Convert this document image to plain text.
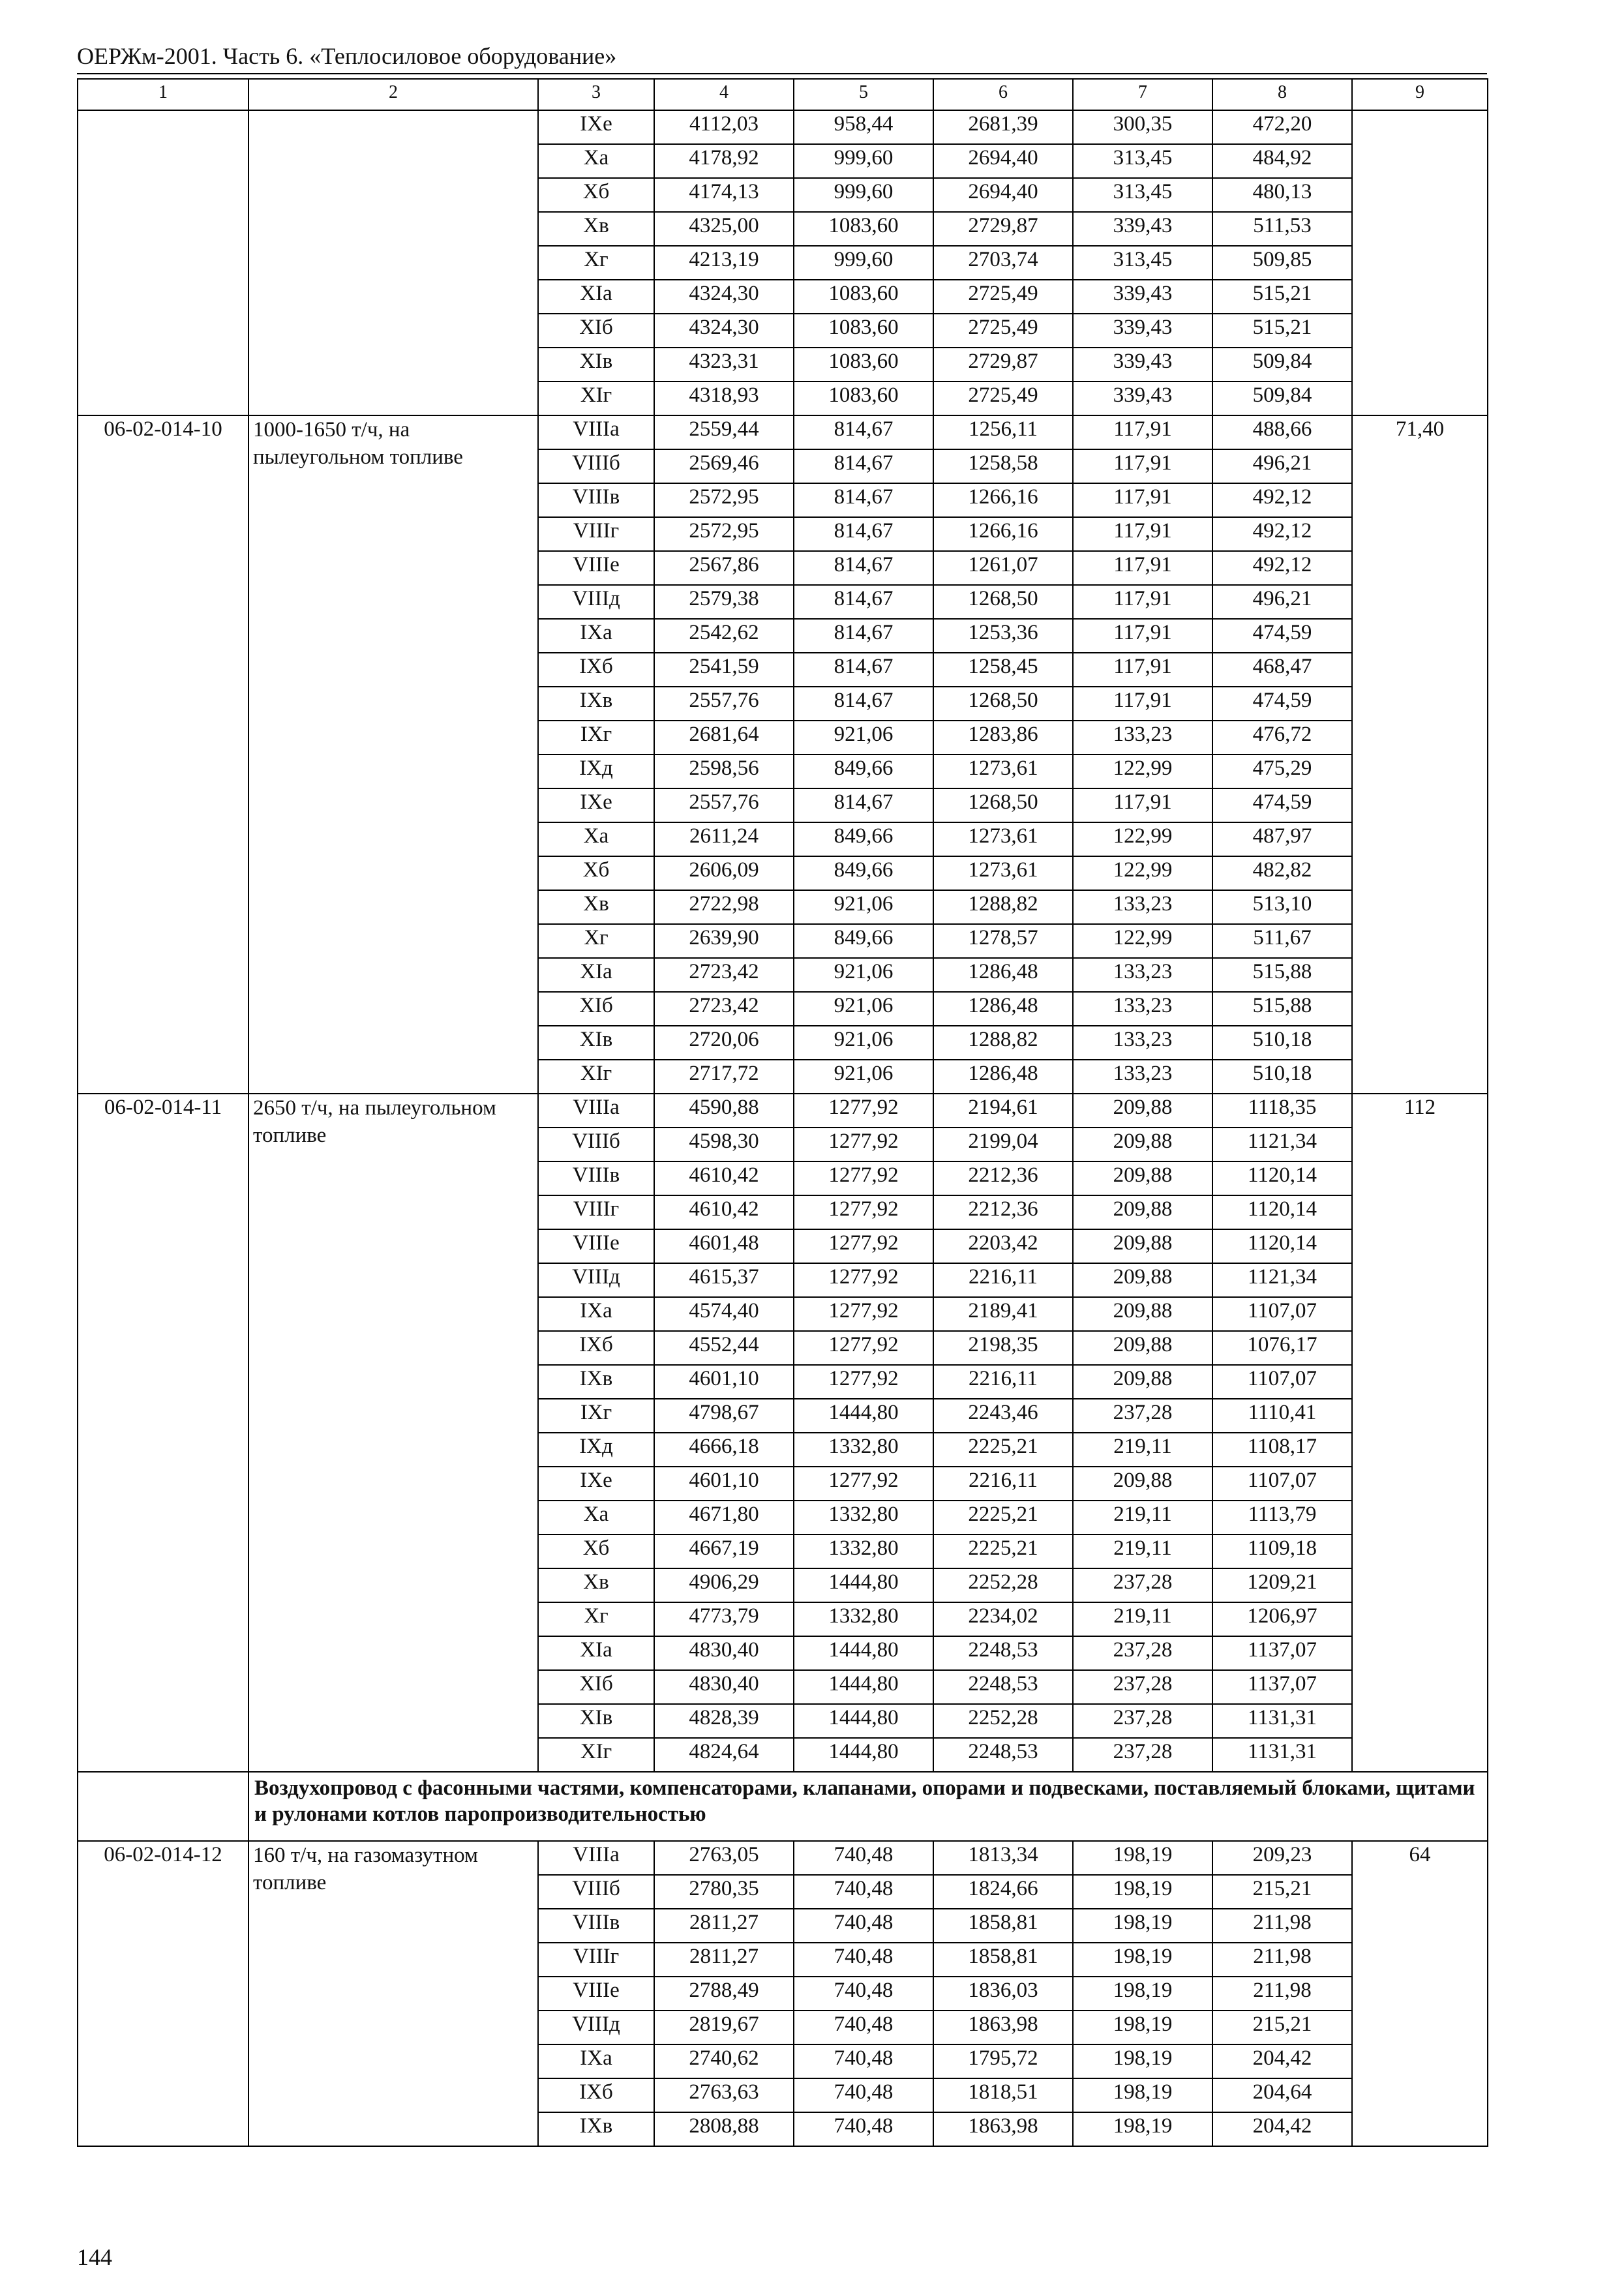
ОЕРЖм-2001. Часть 6. «Теплосиловое оборудование»
1	2	3	4	5	6	7	8	9
		IXе	4112,03	958,44	2681,39	300,35	472,20	
		Xа	4178,92	999,60	2694,40	313,45	484,92	
		Xб	4174,13	999,60	2694,40	313,45	480,13	
		Xв	4325,00	1083,60	2729,87	339,43	511,53	
		Xг	4213,19	999,60	2703,74	313,45	509,85	
		XIа	4324,30	1083,60	2725,49	339,43	515,21	
		XIб	4324,30	1083,60	2725,49	339,43	515,21	
		XIв	4323,31	1083,60	2729,87	339,43	509,84	
		XIг	4318,93	1083,60	2725,49	339,43	509,84	
06-02-014-10	1000-1650 т/ч, на пылеугольном топливе	VIIIа	2559,44	814,67	1256,11	117,91	488,66	71,40
		VIIIб	2569,46	814,67	1258,58	117,91	496,21	
		VIIIв	2572,95	814,67	1266,16	117,91	492,12	
		VIIIг	2572,95	814,67	1266,16	117,91	492,12	
		VIIIе	2567,86	814,67	1261,07	117,91	492,12	
		VIIIд	2579,38	814,67	1268,50	117,91	496,21	
		IXа	2542,62	814,67	1253,36	117,91	474,59	
		IXб	2541,59	814,67	1258,45	117,91	468,47	
		IXв	2557,76	814,67	1268,50	117,91	474,59	
		IXг	2681,64	921,06	1283,86	133,23	476,72	
		IXд	2598,56	849,66	1273,61	122,99	475,29	
		IXе	2557,76	814,67	1268,50	117,91	474,59	
		Xа	2611,24	849,66	1273,61	122,99	487,97	
		Xб	2606,09	849,66	1273,61	122,99	482,82	
		Xв	2722,98	921,06	1288,82	133,23	513,10	
		Xг	2639,90	849,66	1278,57	122,99	511,67	
		XIа	2723,42	921,06	1286,48	133,23	515,88	
		XIб	2723,42	921,06	1286,48	133,23	515,88	
		XIв	2720,06	921,06	1288,82	133,23	510,18	
		XIг	2717,72	921,06	1286,48	133,23	510,18	
06-02-014-11	2650 т/ч, на пылеугольном топливе	VIIIа	4590,88	1277,92	2194,61	209,88	1118,35	112
		VIIIб	4598,30	1277,92	2199,04	209,88	1121,34	
		VIIIв	4610,42	1277,92	2212,36	209,88	1120,14	
		VIIIг	4610,42	1277,92	2212,36	209,88	1120,14	
		VIIIе	4601,48	1277,92	2203,42	209,88	1120,14	
		VIIIд	4615,37	1277,92	2216,11	209,88	1121,34	
		IXа	4574,40	1277,92	2189,41	209,88	1107,07	
		IXб	4552,44	1277,92	2198,35	209,88	1076,17	
		IXв	4601,10	1277,92	2216,11	209,88	1107,07	
		IXг	4798,67	1444,80	2243,46	237,28	1110,41	
		IXд	4666,18	1332,80	2225,21	219,11	1108,17	
		IXе	4601,10	1277,92	2216,11	209,88	1107,07	
		Xа	4671,80	1332,80	2225,21	219,11	1113,79	
		Xб	4667,19	1332,80	2225,21	219,11	1109,18	
		Xв	4906,29	1444,80	2252,28	237,28	1209,21	
		Xг	4773,79	1332,80	2234,02	219,11	1206,97	
		XIа	4830,40	1444,80	2248,53	237,28	1137,07	
		XIб	4830,40	1444,80	2248,53	237,28	1137,07	
		XIв	4828,39	1444,80	2252,28	237,28	1131,31	
		XIг	4824,64	1444,80	2248,53	237,28	1131,31	
	Воздухопровод с фасонными частями, компенсаторами, клапанами, опорами и подвесками, поставляемый блоками, щитами и рулонами котлов паропроизводительностью							
06-02-014-12	160 т/ч, на газомазутном топливе	VIIIа	2763,05	740,48	1813,34	198,19	209,23	64
		VIIIб	2780,35	740,48	1824,66	198,19	215,21	
		VIIIв	2811,27	740,48	1858,81	198,19	211,98	
		VIIIг	2811,27	740,48	1858,81	198,19	211,98	
		VIIIе	2788,49	740,48	1836,03	198,19	211,98	
		VIIIд	2819,67	740,48	1863,98	198,19	215,21	
		IXа	2740,62	740,48	1795,72	198,19	204,42	
		IXб	2763,63	740,48	1818,51	198,19	204,64	
		IXв	2808,88	740,48	1863,98	198,19	204,42	
144
